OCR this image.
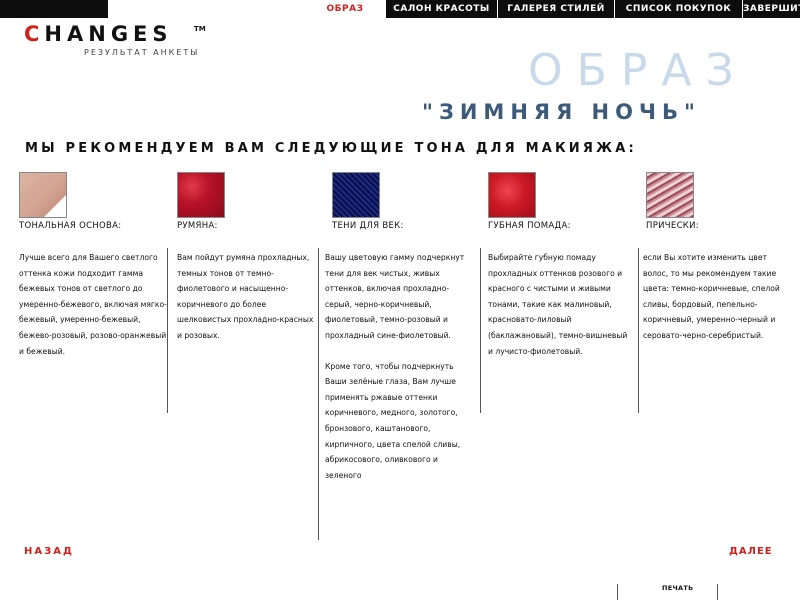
ОБРАЗ	САЛОН КРАСОТЫ	ГАЛЕРЕЯ СТИЛЕЙ	СПИСОК ПОКУПОК	ЗАВЕРШИТЬ
CHANGES	TM
РЕЗУЛЬТАТ АНКЕТЫ	ОБРАЗ
"ЗИМНЯЯ НОЧЬ"
МЫ РЕКОМЕНДУЕМ ВАМ СЛЕДУЮЩИЕ ТОНА ДЛЯ МАКИЯЖА:
ТОНАЛЬНАЯ ОСНОВА:

Лучше всего для Вашего светлого оттенка кожи подходит гамма бежевых тонов от светлого до умеренно-бежевого, включая мягко-бежевый, умеренно-бежевый, бежево-розовый, розово-оранжевый и бежевый.

РУМЯНА:

Вам пойдут румяна прохладных, темных тонов от темно-фиолетового и насыщенно-коричневого до более шелковистых прохладно-красных и розовых.

ТЕНИ ДЛЯ ВЕК:

Вашу цветовую гамму подчеркнут тени для век чистых, живых оттенков, включая прохладно-серый, черно-коричневый, фиолетовый, темно-розовый и прохладный сине-фиолетовый.

Кроме того, чтобы подчеркнуть Ваши зелёные глаза, Вам лучше применять ржавые оттенки коричневого, медного, золотого, бронзового, каштанового, кирпичного, цвета спелой сливы, абрикосового, оливкового и зеленого

ГУБНАЯ ПОМАДА:

Выбирайте губную помаду прохладных оттенков розового и красного с чистыми и живыми тонами, такие как малиновый, красновато-лиловый (баклажановый), темно-вишневый и лучисто-фиолетовый.

ПРИЧЕСКИ:

если Вы хотите изменить цвет волос, то мы рекомендуем такие цвета: темно-коричневые, спелой сливы, бордовый, пепельно-коричневый, умеренно-черный и серовато-черно-серебристый.

НАЗАД	ДАЛЕЕ
ПЕЧАТЬ
